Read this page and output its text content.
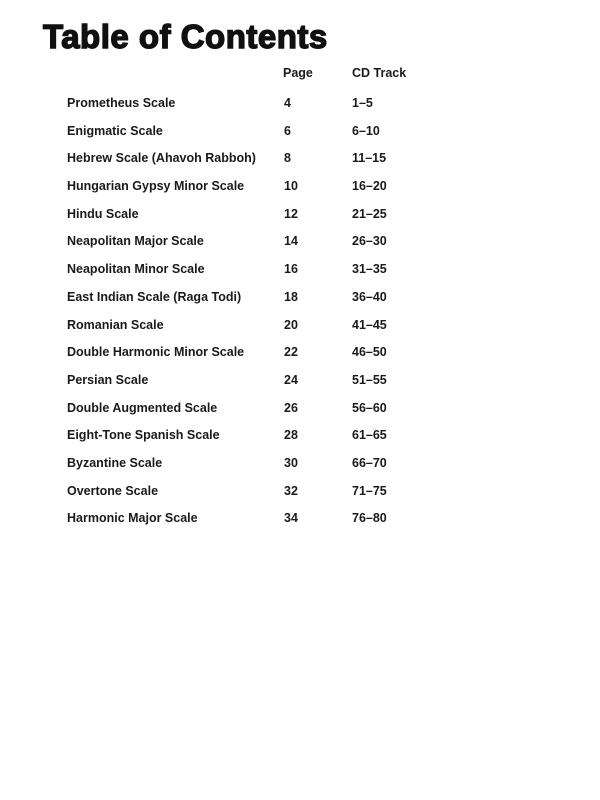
Table of Contents
Page	CD Track
Prometheus Scale	4	1–5
Enigmatic Scale	6	6–10
Hebrew Scale (Ahavoh Rabboh) 8	11–15
Hungarian Gypsy Minor Scale	10	16–20
Hindu Scale	12	21–25
Neapolitan Major Scale	14	26–30
Neapolitan Minor Scale	16	31–35
East Indian Scale (Raga Todi)	18	36–40
Romanian Scale	20	41–45
Double Harmonic Minor Scale	22	46–50
Persian Scale	24	51–55
Double Augmented Scale	26	56–60
Eight-Tone Spanish Scale	28	61–65
Byzantine Scale	30	66–70
Overtone Scale	32	71–75
Harmonic Major Scale	34	76–80
